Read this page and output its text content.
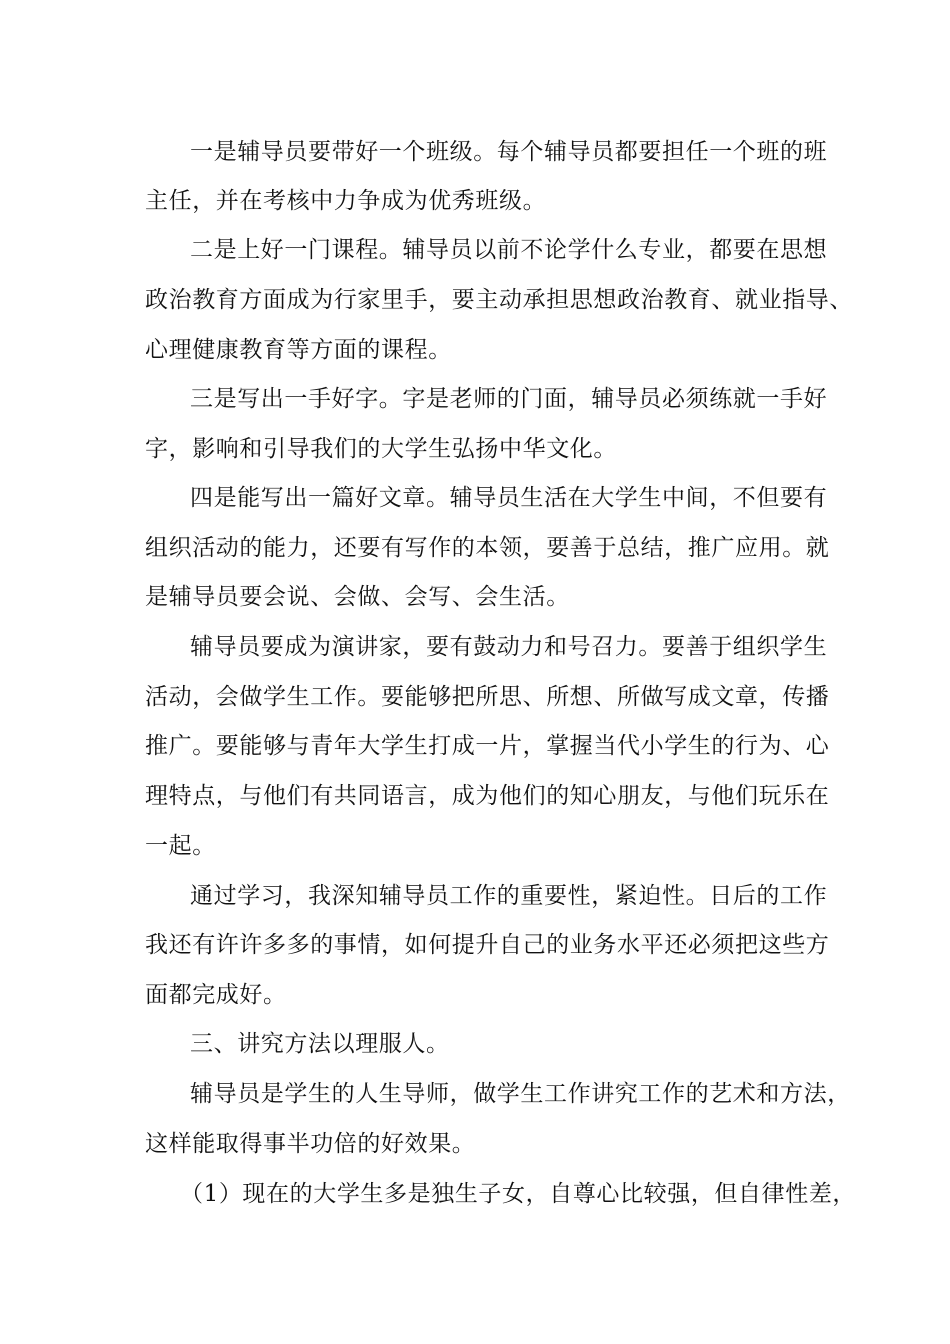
一是辅导员要带好一个班级。每个辅导员都要担任一个班的班
主任，并在考核中力争成为优秀班级。
二是上好一门课程。辅导员以前不论学什么专业，都要在思想
政治教育方面成为行家里手，要主动承担思想政治教育、就业指导、
心理健康教育等方面的课程。
三是写出一手好字。字是老师的门面，辅导员必须练就一手好
字，影响和引导我们的大学生弘扬中华文化。
四是能写出一篇好文章。辅导员生活在大学生中间，不但要有
组织活动的能力，还要有写作的本领，要善于总结，推广应用。就
是辅导员要会说、会做、会写、会生活。
辅导员要成为演讲家，要有鼓动力和号召力。要善于组织学生
活动，会做学生工作。要能够把所思、所想、所做写成文章，传播
推广。要能够与青年大学生打成一片，掌握当代小学生的行为、心
理特点，与他们有共同语言，成为他们的知心朋友，与他们玩乐在
一起。
通过学习，我深知辅导员工作的重要性，紧迫性。日后的工作
我还有许许多多的事情，如何提升自己的业务水平还必须把这些方
面都完成好。
三、讲究方法以理服人。
辅导员是学生的人生导师，做学生工作讲究工作的艺术和方法，
这样能取得事半功倍的好效果。
（1）现在的大学生多是独生子女，自尊心比较强，但自律性差，
